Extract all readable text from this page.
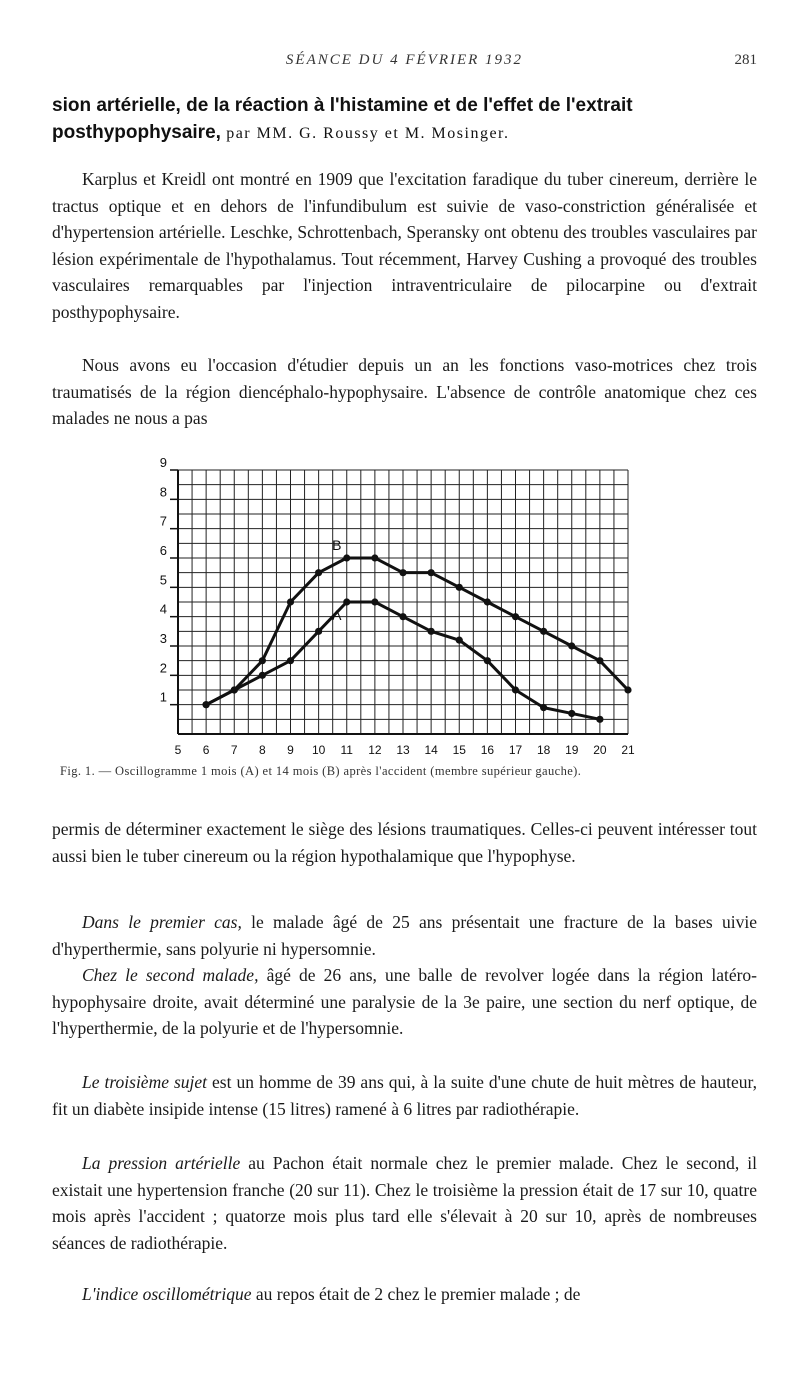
SÉANCE DU 4 FÉVRIER 1932	281

sion artérielle, de la réaction à l'histamine et de l'effet de l'extrait posthypophysaire, par MM. G. Roussy et M. Mosinger.

Karplus et Kreidl ont montré en 1909 que l'excitation faradique du tuber cinereum, derrière le tractus optique et en dehors de l'infundibulum est suivie de vaso-constriction généralisée et d'hypertension artérielle. Leschke, Schrottenbach, Speransky ont obtenu des troubles vasculaires par lésion expérimentale de l'hypothalamus. Tout récemment, Harvey Cushing a provoqué des troubles vasculaires remarquables par l'injection intraventriculaire de pilocarpine ou d'extrait posthypophysaire.

Nous avons eu l'occasion d'étudier depuis un an les fonctions vaso-motrices chez trois traumatisés de la région diencéphalo-hypophysaire. L'absence de contrôle anatomique chez ces malades ne nous a pas

5 6 7 8 9 10 11 12 13 14 15 16 17 18 19 20 21
1
2
3
4
5
6
7
8
9
A
B
Fig. 1. — Oscillogramme 1 mois (A) et 14 mois (B) après l'accident (membre supérieur gauche).

permis de déterminer exactement le siège des lésions traumatiques. Celles-ci peuvent intéresser tout aussi bien le tuber cinereum ou la région hypothalamique que l'hypophyse.

Dans le premier cas, le malade âgé de 25 ans présentait une fracture de la bases uivie d'hyperthermie, sans polyurie ni hypersomnie.

Chez le second malade, âgé de 26 ans, une balle de revolver logée dans la région latéro-hypophysaire droite, avait déterminé une paralysie de la 3e paire, une section du nerf optique, de l'hyperthermie, de la polyurie et de l'hypersomnie.

Le troisième sujet est un homme de 39 ans qui, à la suite d'une chute de huit mètres de hauteur, fit un diabète insipide intense (15 litres) ramené à 6 litres par radiothérapie.

La pression artérielle au Pachon était normale chez le premier malade. Chez le second, il existait une hypertension franche (20 sur 11). Chez le troisième la pression était de 17 sur 10, quatre mois après l'accident ; quatorze mois plus tard elle s'élevait à 20 sur 10, après de nombreuses séances de radiothérapie.

L'indice oscillométrique au repos était de 2 chez le premier malade ; de
